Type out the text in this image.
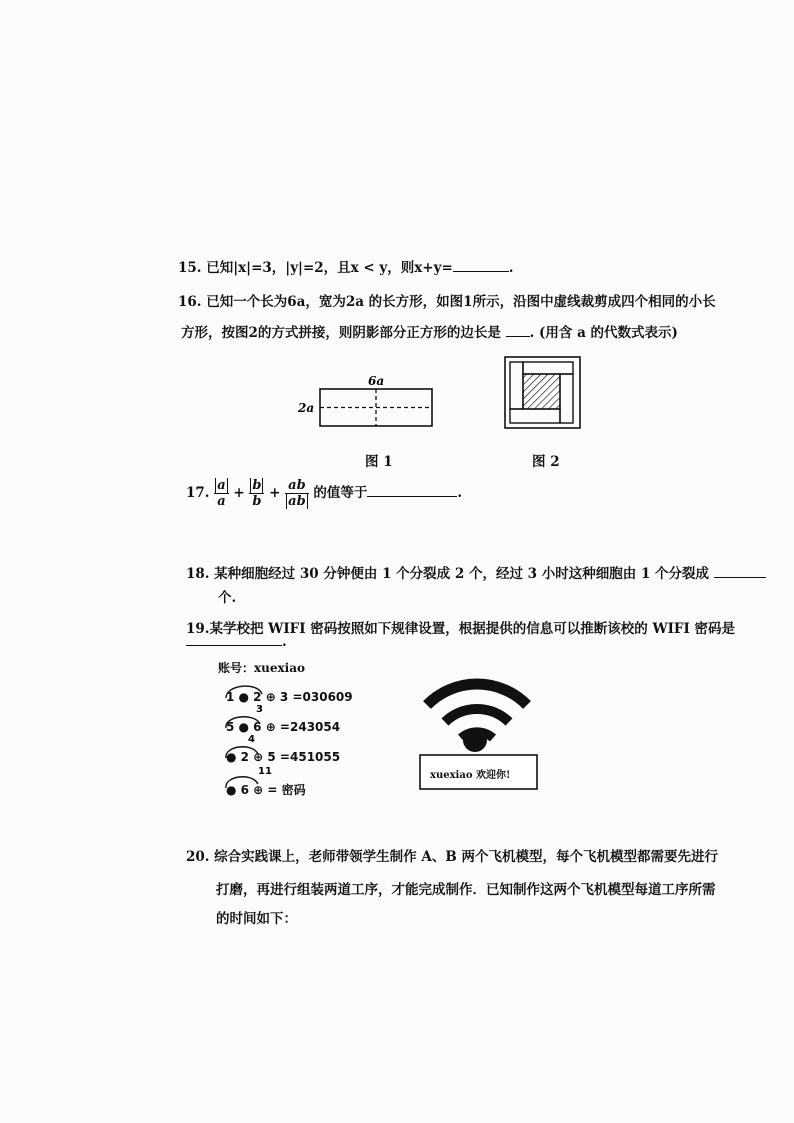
15. 已知|x|=3，|y|=2，且x < y，则x+y=	.
16. 已知一个长为6a，宽为2a 的长方形，如图1所示，沿图中虚线裁剪成四个相同的小长
方形，按图2的方式拼接，则阴影部分正方形的边长是 . (用含 a 的代数式表示)
6a
2a
图 1	图 2
17. $\frac{a}{a} + \frac{b}{b} + \frac{ab}{ab}$ 的值等于	.
18. 某种细胞经过 30 分钟便由 1 个分裂成 2 个，经过 3 小时这种细胞由 1 个分裂成
个.
19.某学校把 WIFI 密码按照如下规律设置，根据提供的信息可以推断该校的 WIFI 密码是
.
账号：xuexiao
3
4
11
1 ● 2 ⊕ 3 =030609
5 ● 6 ⊕ =243054
● 2 ⊕ 5 =451055
● 6 ⊕ = 密码
xuexiao 欢迎你!
20. 综合实践课上，老师带领学生制作 A、B 两个飞机模型，每个飞机模型都需要先进行
打磨，再进行组装两道工序，才能完成制作．已知制作这两个飞机模型每道工序所需
的时间如下：
